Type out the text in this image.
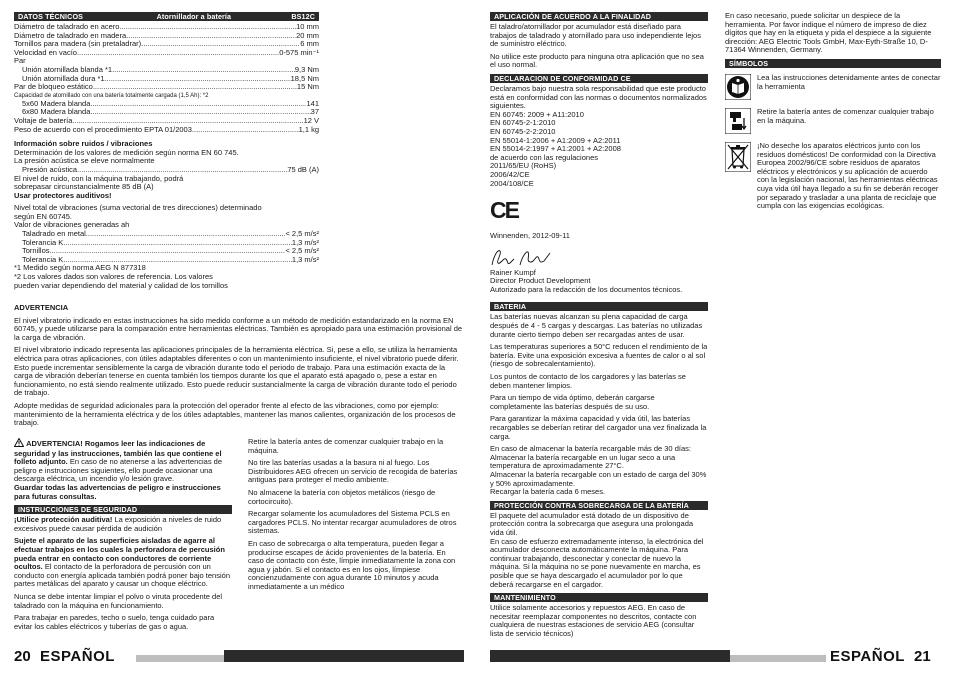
DATOS TÉCNICOS	Atornillador a batería	BS12C
Diámetro de taladrado en acero .....	10 mm
Diámetro de taladrado en madera .....	20 mm
Tornillos para madera (sin pretaladrar) .....	6 mm
Velocidad en vacío .....	0-575 min⁻¹
Par
Unión atornillada blanda *1 .....	9,3 Nm
Unión atornillada dura *1 .....	18,5 Nm
Par de bloqueo estático .....	15 Nm
Capacidad de atornillado con una batería totalmente cargada (1,5 Ah): *2
5x60 Madera blanda .....	141
6x80 Madera blanda .....	37
Voltaje de batería .....	12 V
Peso de acuerdo con el procedimiento EPTA 01/2003 .....	1,1 kg
Información sobre ruidos / vibraciones
Determinación de los valores de medición según norma EN 60 745.
La presión acústica se eleve normalmente
Presión acústica .....	75 dB (A)
El nivel de ruido, con la máquina trabajando, podrá sobrepasar circunstancialmente 85 dB (A)
Usar protectores auditivos!
Nivel total de vibraciones (suma vectorial de tres direcciones) determinado según EN 60745.
Valor de vibraciones generadas ah
Taladrado en metal .....	< 2,5 m/s²
Tolerancia K .....	1,3 m/s²
Tornillos .....	< 2,5 m/s²
Tolerancia K .....	1,3 m/s²
*1 Medido según norma AEG N 877318
*2 Los valores dados son valores de referencia. Los valores pueden variar dependiendo del material y calidad de los tornillos
ADVERTENCIA

El nivel vibratorio indicado en estas instrucciones ha sido medido conforme a un método de medición estandarizado en la norma EN 60745, y puede utilizarse para la comparación entre herramientas eléctricas. También es apropiado para una estimación provisional de la carga de vibración.

El nivel vibratorio indicado representa las aplicaciones principales de la herramienta eléctrica. Si, pese a ello, se utiliza la herramienta eléctrica para otras aplicaciones, con útiles adaptables diferentes o con un mantenimiento insuficiente, el nivel vibratorio puede diferir. Esto puede incrementar sensiblemente la carga de vibración durante todo el periodo de trabajo. Para una estimación exacta de la carga de vibración deberían tenerse en cuenta también los tiempos durante los que el aparato está apagado o, pese a estar en funcionamiento, no está siendo realmente utilizado. Esto puede reducir sustancialmente la carga de vibración durante todo el periodo de trabajo.

Adopte medidas de seguridad adicionales para la protección del operador frente al efecto de las vibraciones, como por ejemplo: mantenimiento de la herramienta eléctrica y de los útiles adaptables, mantener las manos calientes, organización de los procesos de trabajo.

ADVERTENCIA! Rogamos leer las indicaciones de seguridad y las instrucciones, también las que contiene el folleto adjunto. En caso de no atenerse a las advertencias de peligro e instrucciones siguientes, ello puede ocasionar una descarga eléctrica, un incendio y/o lesión grave.
Guardar todas las advertencias de peligro e instrucciones para futuras consultas.

INSTRUCCIONES DE SEGURIDAD

¡Utilice protección auditiva! La exposición a niveles de ruido excesivos puede causar pérdida de audición

Sujete el aparato de las superficies aisladas de agarre al efectuar trabajos en los cuales la perforadora de percusión pueda entrar en contacto con conductores de corriente ocultos. El contacto de la perforadora de percusión con un conducto con energía aplicada también podrá poner bajo tensión partes metálicas del aparato y causar un choque eléctrico.

Nunca se debe intentar limpiar el polvo o viruta procedente del taladrado con la máquina en funcionamiento.

Para trabajar en paredes, techo o suelo, tenga cuidado para evitar los cables eléctricos y tuberías de gas o agua.

Retire la batería antes de comenzar cualquier trabajo en la máquina.

No tire las baterías usadas a la basura ni al fuego. Los Distribuidores AEG ofrecen un servicio de recogida de baterías antiguas para proteger el medio ambiente.

No almacene la batería con objetos metálicos (riesgo de cortocircuito).

Recargar solamente los acumuladores del Sistema PCLS en cargadores PCLS. No intentar recargar acumuladores de otros sistemas.

En caso de sobrecarga o alta temperatura, pueden llegar a producirse escapes de ácido provenientes de la batería. En caso de contacto con éste, límpie inmediatamente la zona con agua y jabón. Si el contacto es en los ojos, límpiese concienzudamente con agua durante 10 minutos y acuda inmediatamente a un médico

20 ESPAÑOL
APLICACIÓN DE ACUERDO A LA FINALIDAD

El taladro/atornillador por acumulador está diseñado para trabajos de taladrado y atornillado para uso independiente lejos de suministro eléctrico.

No utilice este producto para ninguna otra aplicación que no sea el uso normal.

DECLARACION DE CONFORMIDAD CE

Declaramos bajo nuestra sola responsabilidad que este producto está en conformidad con las normas o documentos normalizados siguientes.

EN 60745: 2009 + A11:2010
EN 60745-2-1:2010
EN 60745-2-2:2010
EN 55014-1:2006 + A1:2009 + A2:2011
EN 55014-2:1997 + A1:2001 + A2:2008
de acuerdo con las regulaciones
2011/65/EU (RoHS)
2006/42/CE
2004/108/CE
CE
Winnenden, 2012-09-11
Rainer Kumpf
Director Product Development
Autorizado para la redacción de los documentos técnicos.
BATERIA

Las baterías nuevas alcanzan su plena capacidad de carga después de 4 - 5 cargas y descargas. Las baterías no utilizadas durante cierto tiempo deben ser recargadas antes de usar.

Las temperaturas superiores a 50°C reducen el rendimiento de la batería. Evite una exposición excesiva a fuentes de calor o al sol (riesgo de sobrecalentamiento).

Los puntos de contacto de los cargadores y las baterías se deben mantener limpios.

Para un tiempo de vida óptimo, deberán cargarse completamente las baterías después de su uso.

Para garantizar la máxima capacidad y vida útil, las baterías recargables se deberían retirar del cargador una vez finalizada la carga.

En caso de almacenar la batería recargable más de 30 días:
Almacenar la batería recargable en un lugar seco a una temperatura de aproximadamente 27°C.
Almacenar la batería recargable con un estado de carga del 30% y 50% aproximadamente.
Recargar la batería cada 6 meses.
PROTECCIÓN CONTRA SOBRECARGA DE LA BATERÍA
El paquete del acumulador está dotado de un dispositivo de protección contra la sobrecarga que asegura una prolongada vida útil.

En caso de esfuerzo extremadamente intenso, la electrónica del acumulador desconecta automáticamente la máquina. Para continuar trabajando, desconectar y conectar de nuevo la máquina. Si la máquina no se pone nuevamente en marcha, es posible que se haya descargado el acumulador por lo que deberá recargarse en el cargador.

MANTENIMIENTO

Utilice solamente accesorios y repuestos AEG. En caso de necesitar reemplazar componentes no descritos, contacte con cualquiera de nuestras estaciones de servicio AEG (consultar lista de servicio técnicos)

En caso necesario, puede solicitar un despiece de la herramienta. Por favor indique el número de impreso de diez dígitos que hay en la etiqueta y pida el despiece a la siguiente dirección: AEG Electric Tools GmbH, Max-Eyth-Straße 10, D-71364 Winnenden, Germany.

SÍMBOLOS
Lea las instrucciones detenidamente antes de conectar la herramienta
Retire la batería antes de comenzar cualquier trabajo en la máquina.
¡No deseche los aparatos eléctricos junto con los residuos domésticos! De conformidad con la Directiva Europea 2002/96/CE sobre residuos de aparatos eléctricos y electrónicos y su aplicación de acuerdo con la legislación nacional, las herramientas eléctricas cuya vida útil haya llegado a su fin se deberán recoger por separado y trasladar a una planta de reciclaje que cumpla con las exigencias ecológicas.
ESPAÑOL 21
